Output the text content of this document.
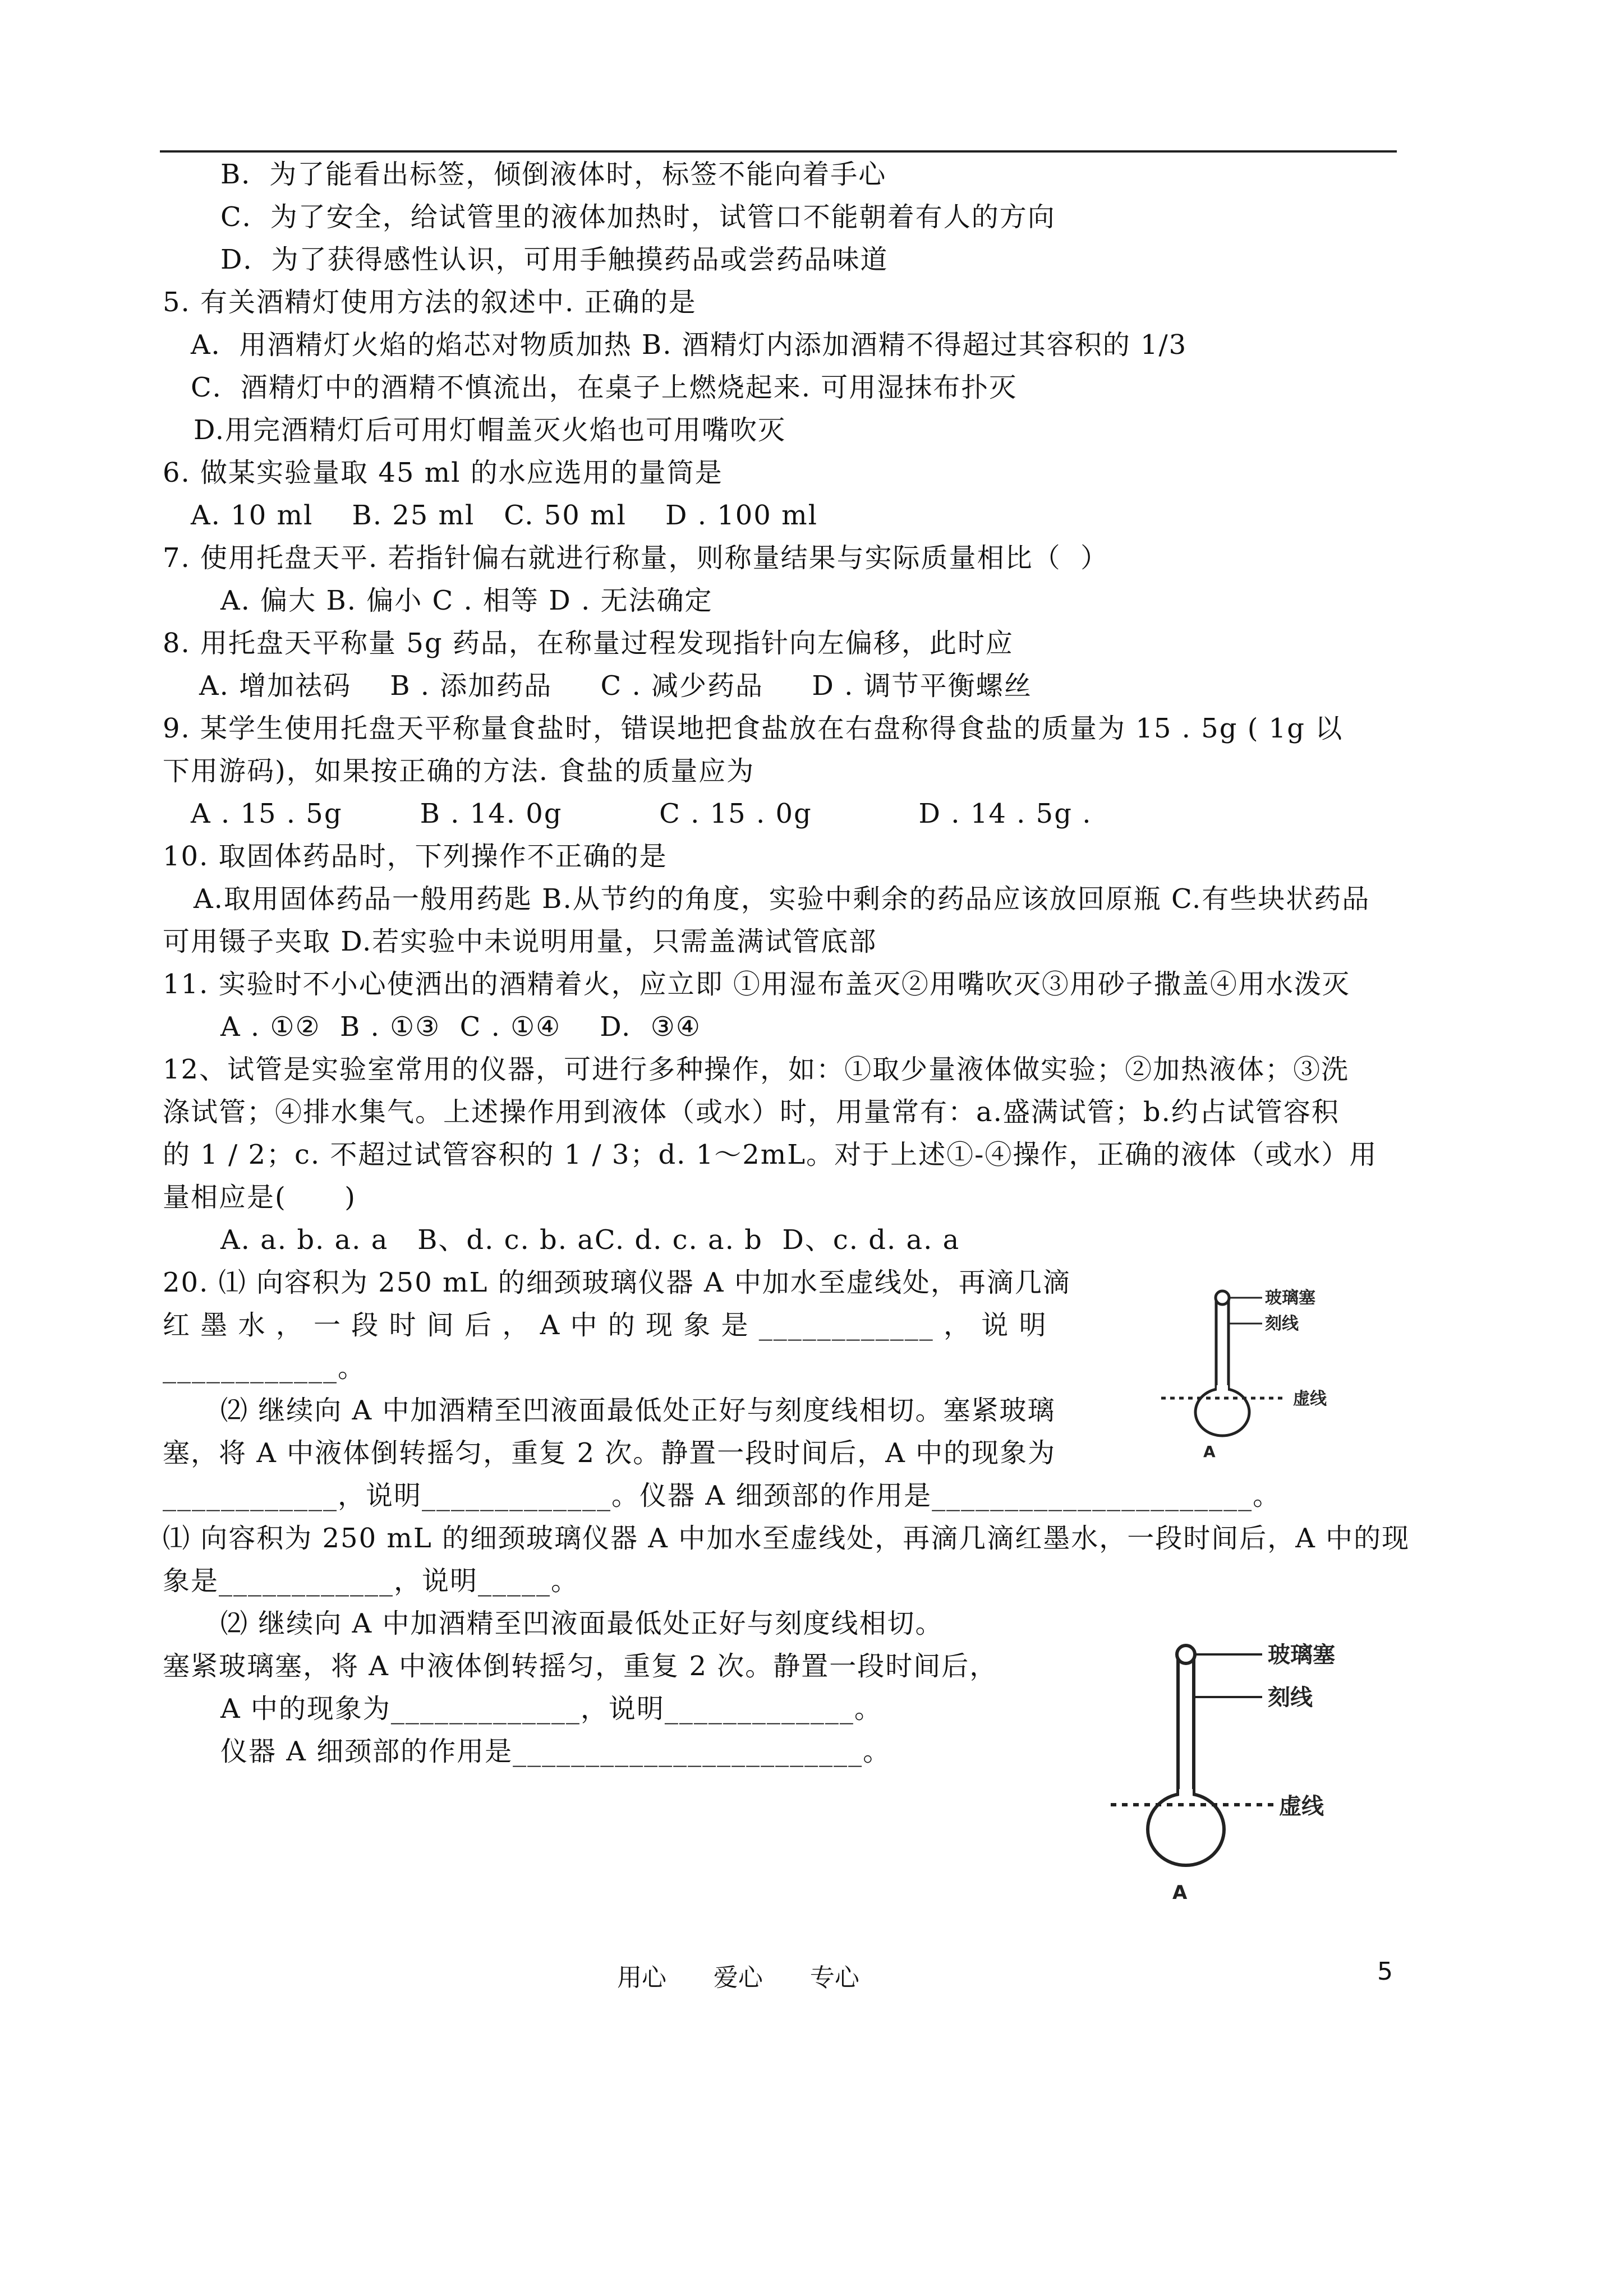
B．为了能看出标签，倾倒液体时，标签不能向着手心
C．为了安全，给试管里的液体加热时，试管口不能朝着有人的方向
D．为了获得感性认识，可用手触摸药品或尝药品味道
5. 有关酒精灯使用方法的叙述中. 正确的是
A．用酒精灯火焰的焰芯对物质加热 B. 酒精灯内添加酒精不得超过其容积的 1/3
C．酒精灯中的酒精不慎流出，在桌子上燃烧起来. 可用湿抹布扑灭
D.用完酒精灯后可用灯帽盖灭火焰也可用嘴吹灭
6. 做某实验量取 45 ml 的水应选用的量筒是
A. 10 ml    B. 25 ml   C. 50 ml    D . 100 ml
7. 使用托盘天平. 若指针偏右就进行称量，则称量结果与实际质量相比（  ）
A. 偏大 B. 偏小 C . 相等 D . 无法确定
8. 用托盘天平称量 5g 药品，在称量过程发现指针向左偏移，此时应
A. 增加祛码    B . 添加药品     C . 减少药品     D . 调节平衡螺丝
9. 某学生使用托盘天平称量食盐时，错误地把食盐放在右盘称得食盐的质量为 15 . 5g ( 1g 以
下用游码)，如果按正确的方法. 食盐的质量应为
A . 15 . 5g        B . 14. 0g          C . 15 . 0g           D . 14 . 5g .
10. 取固体药品时，下列操作不正确的是
A.取用固体药品一般用药匙 B.从节约的角度，实验中剩余的药品应该放回原瓶 C.有些块状药品
可用镊子夹取 D.若实验中未说明用量，只需盖满试管底部
11. 实验时不小心使洒出的酒精着火，应立即 ①用湿布盖灭②用嘴吹灭③用砂子撒盖④用水泼灭
A . ①②  B . ①③  C . ①④    D.  ③④
12、试管是实验室常用的仪器，可进行多种操作，如：①取少量液体做实验；②加热液体；③洗
涤试管；④排水集气。上述操作用到液体（或水）时，用量常有：a.盛满试管；b.约占试管容积
的 1 / 2；c. 不超过试管容积的 1 / 3；d. 1～2mL。对于上述①-④操作，正确的液体（或水）用
量相应是(      )
A. a. b. a. a   B、d. c. b. aC. d. c. a. b  D、c. d. a. a
20. ⑴ 向容积为 250 mL 的细颈玻璃仪器 A 中加水至虚线处，再滴几滴
红 墨 水 ， 一 段 时 间 后 ， A 中 的 现 象 是 ____________ ， 说 明
____________。
⑵ 继续向 A 中加酒精至凹液面最低处正好与刻度线相切。塞紧玻璃
塞，将 A 中液体倒转摇匀，重复 2 次。静置一段时间后，A 中的现象为
____________，说明_____________。仪器 A 细颈部的作用是______________________。
⑴ 向容积为 250 mL 的细颈玻璃仪器 A 中加水至虚线处，再滴几滴红墨水，一段时间后，A 中的现
象是____________，说明_____。
⑵ 继续向 A 中加酒精至凹液面最低处正好与刻度线相切。
塞紧玻璃塞，将 A 中液体倒转摇匀，重复 2 次。静置一段时间后，
A 中的现象为_____________，说明_____________。
仪器 A 细颈部的作用是________________________。
玻璃塞
刻线
虚线
A
玻璃塞
刻线
虚线
A
用心      爱心      专心	5
